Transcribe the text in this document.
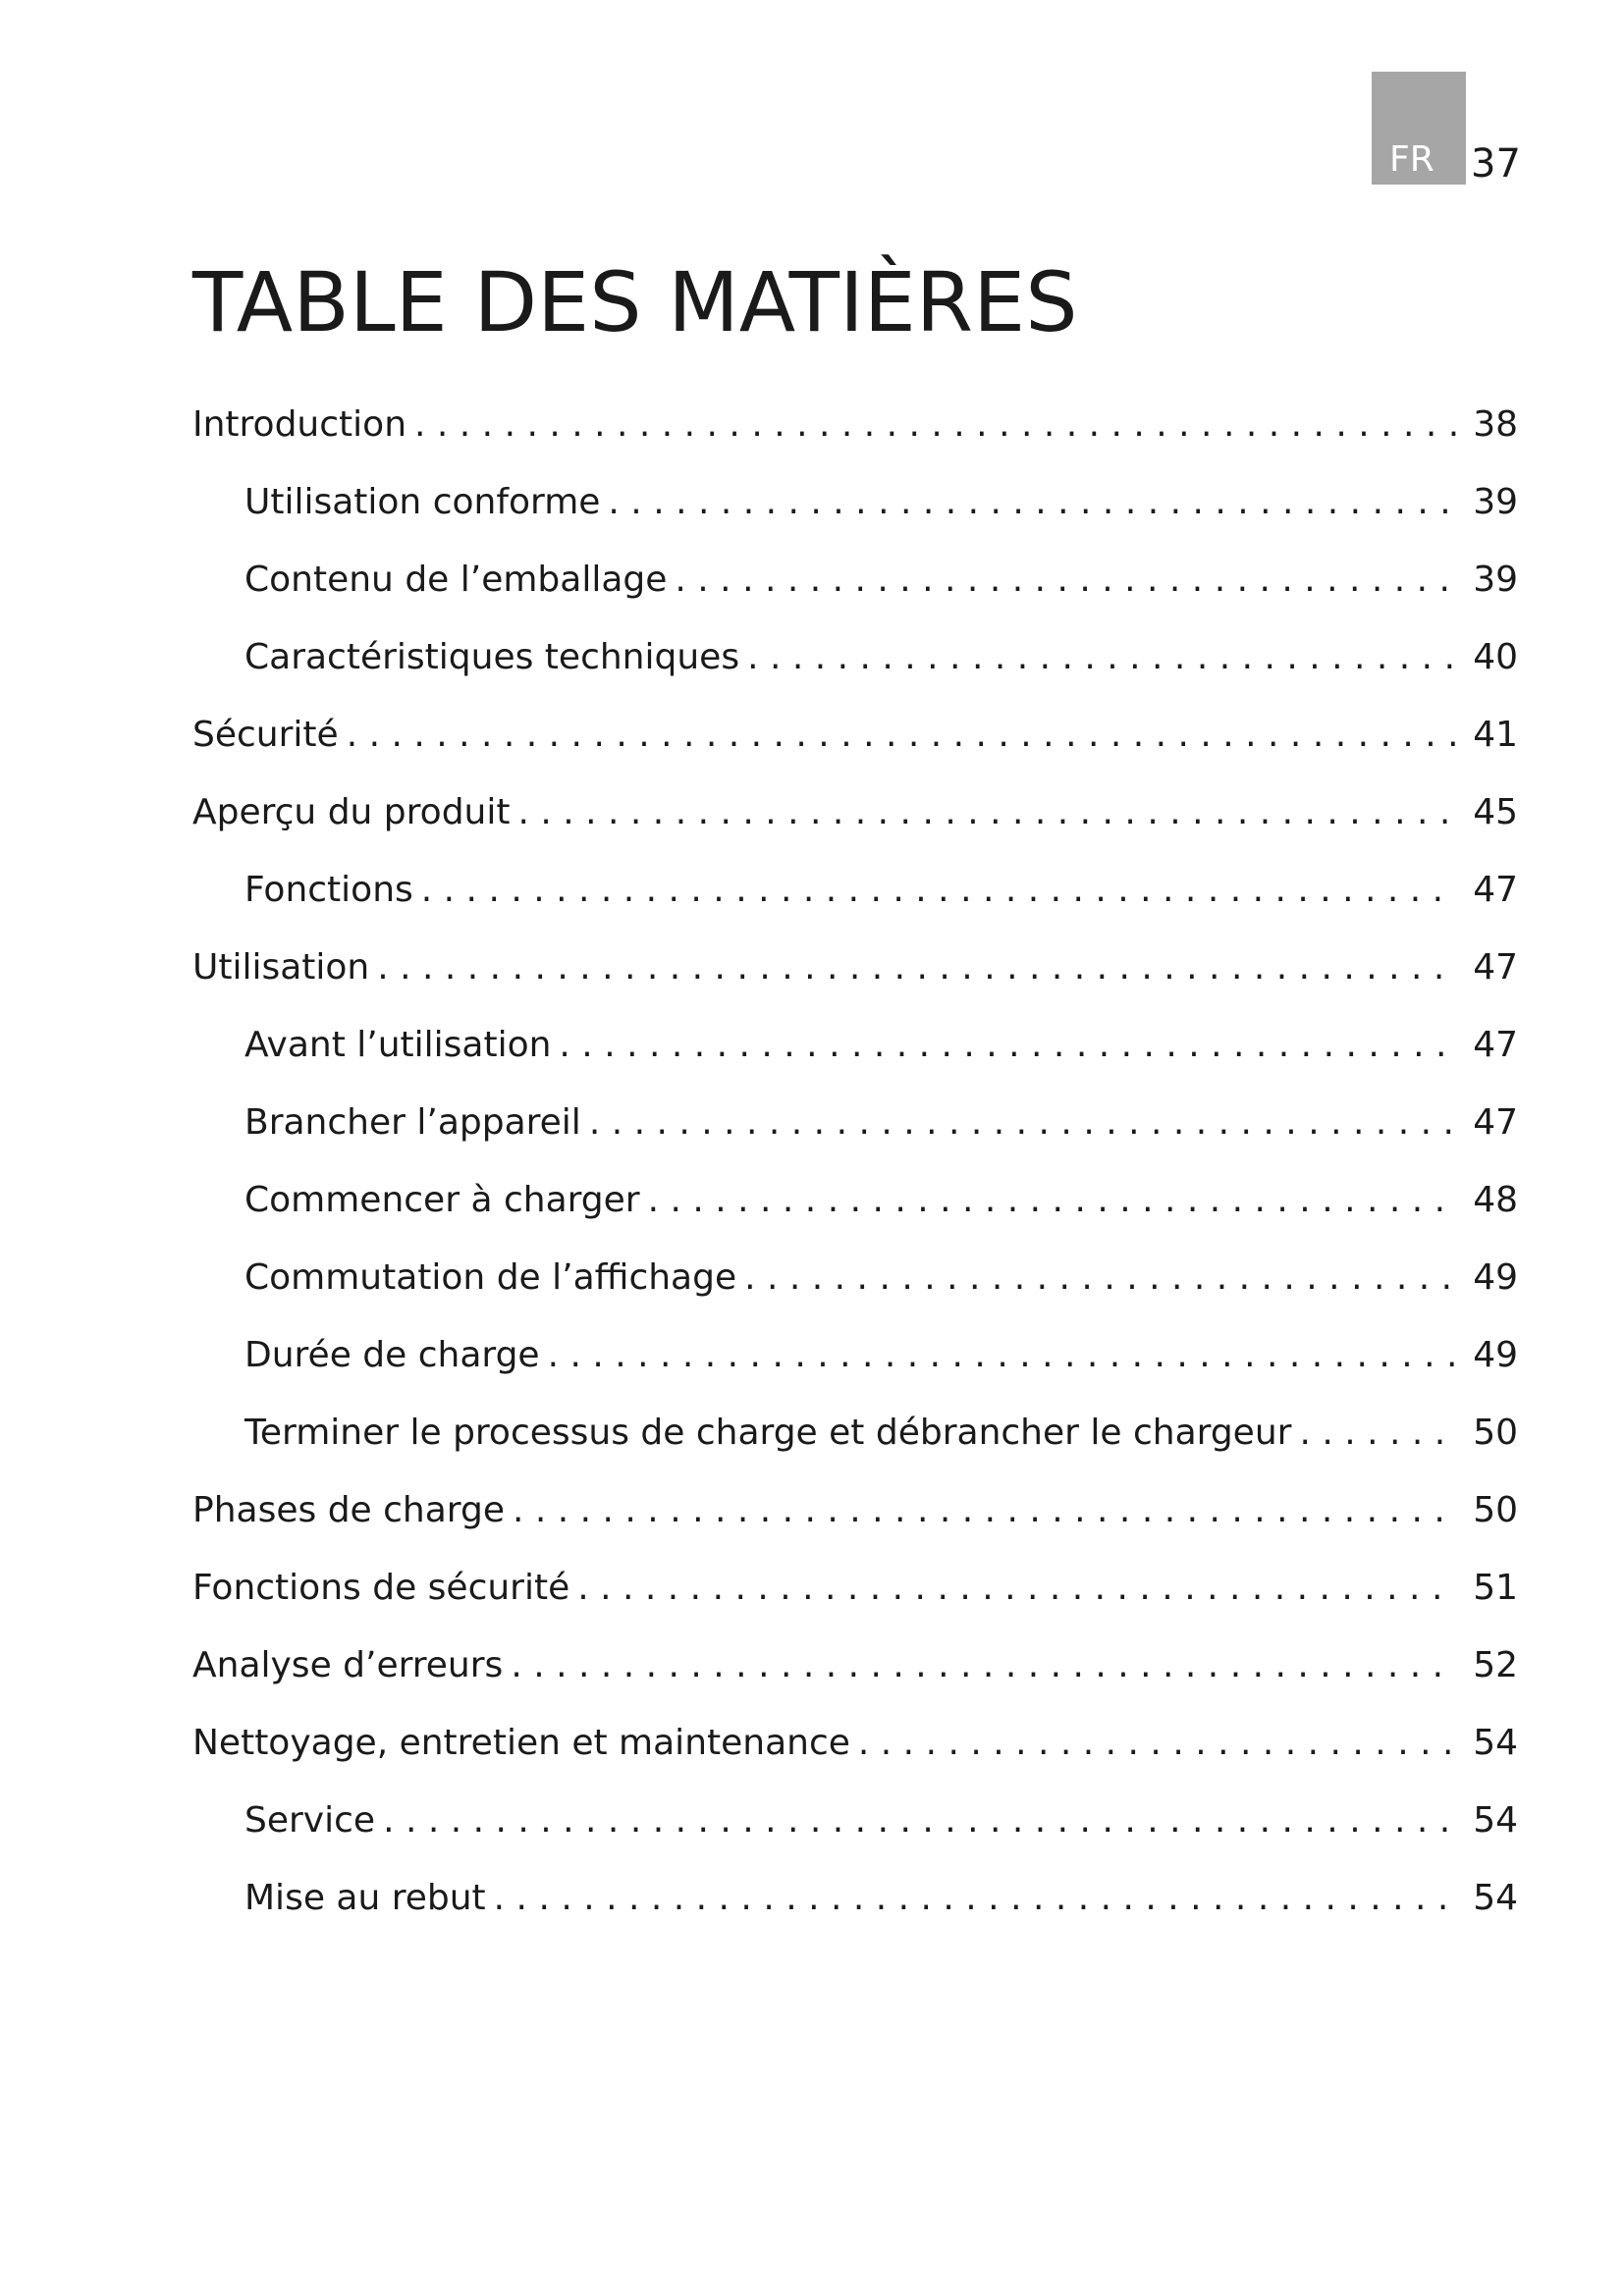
FR 37
TABLE DES MATIÈRES
Introduction . . .	38
Utilisation conforme . . .	39
Contenu de l’emballage . . .	39
Caractéristiques techniques . . .	40
Sécurité . . .	41
Aperçu du produit . . .	45
Fonctions . . .	47
Utilisation . . .	47
Avant l’utilisation . . .	47
Brancher l’appareil . . .	47
Commencer à charger . . .	48
Commutation de l’affichage . . .	49
Durée de charge . . .	49
Terminer le processus de charge et débrancher le chargeur . . .	50
Phases de charge . . .	50
Fonctions de sécurité . . .	51
Analyse d’erreurs . . .	52
Nettoyage, entretien et maintenance . . .	54
Service . . .	54
Mise au rebut . . .	54
